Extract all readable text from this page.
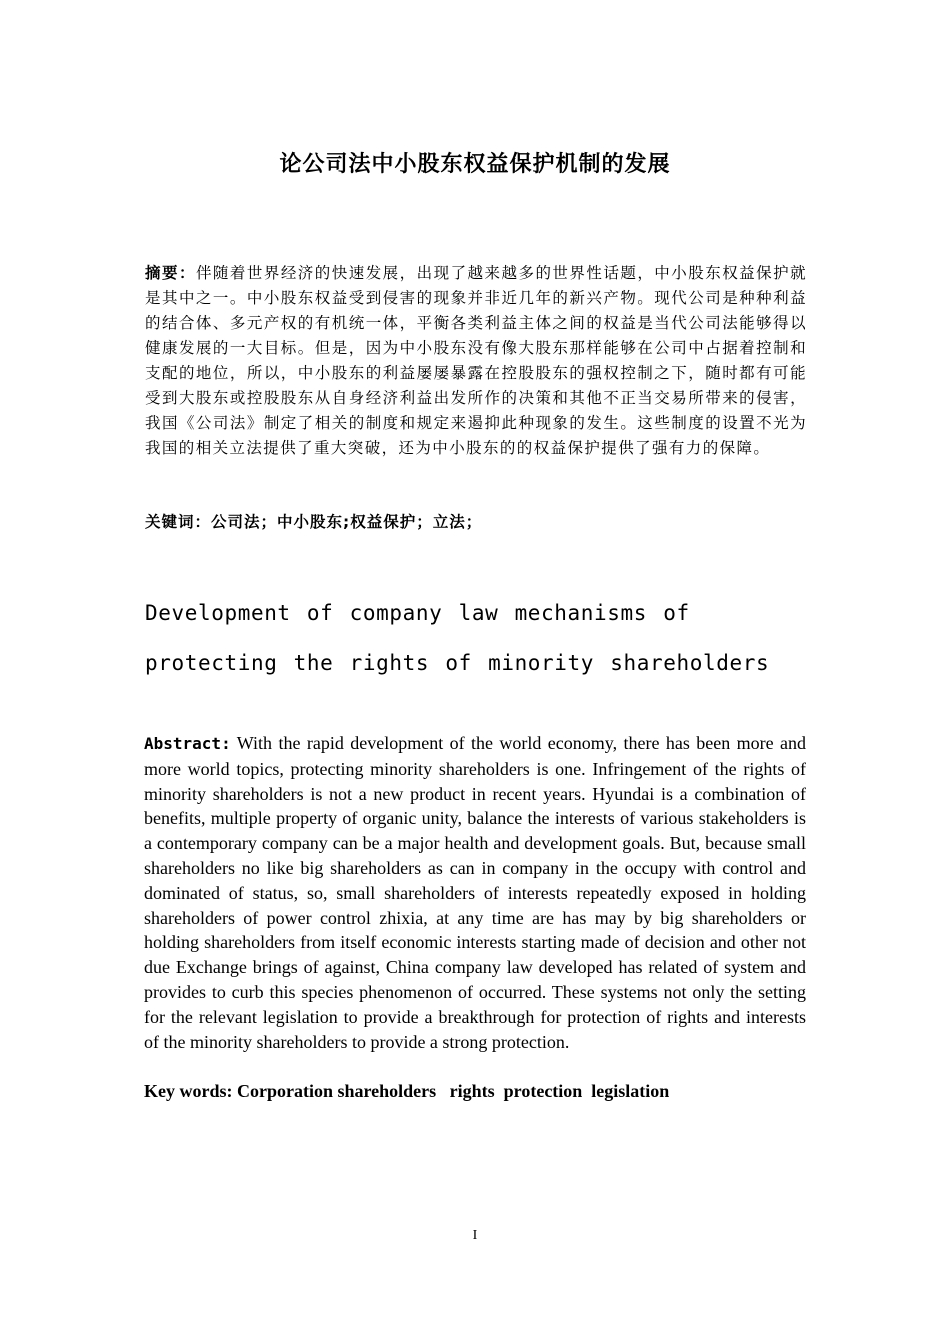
论公司法中小股东权益保护机制的发展
摘要：伴随着世界经济的快速发展，出现了越来越多的世界性话题，中小股东权益保护就是其中之一。中小股东权益受到侵害的现象并非近几年的新兴产物。现代公司是种种利益的结合体、多元产权的有机统一体，平衡各类利益主体之间的权益是当代公司法能够得以健康发展的一大目标。但是，因为中小股东没有像大股东那样能够在公司中占据着控制和支配的地位，所以，中小股东的利益屡屡暴露在控股股东的强权控制之下，随时都有可能受到大股东或控股股东从自身经济利益出发所作的决策和其他不正当交易所带来的侵害，我国《公司法》制定了相关的制度和规定来遏抑此种现象的发生。这些制度的设置不光为我国的相关立法提供了重大突破，还为中小股东的的权益保护提供了强有力的保障。
关键词：公司法；中小股东;权益保护；立法；
Development of company law mechanisms of protecting the rights of minority shareholders
Abstract: With the rapid development of the world economy, there has been more and more world topics, protecting minority shareholders is one. Infringement of the rights of minority shareholders is not a new product in recent years. Hyundai is a combination of benefits, multiple property of organic unity, balance the interests of various stakeholders is a contemporary company can be a major health and development goals. But, because small shareholders no like big shareholders as can in company in the occupy with control and dominated of status, so, small shareholders of interests repeatedly exposed in holding shareholders of power control zhixia, at any time are has may by big shareholders or holding shareholders from itself economic interests starting made of decision and other not due Exchange brings of against, China company law developed has related of system and provides to curb this species phenomenon of occurred. These systems not only the setting for the relevant legislation to provide a breakthrough for protection of rights and interests of the minority shareholders to provide a strong protection.
Key words: Corporation shareholders   rights  protection  legislation
I
